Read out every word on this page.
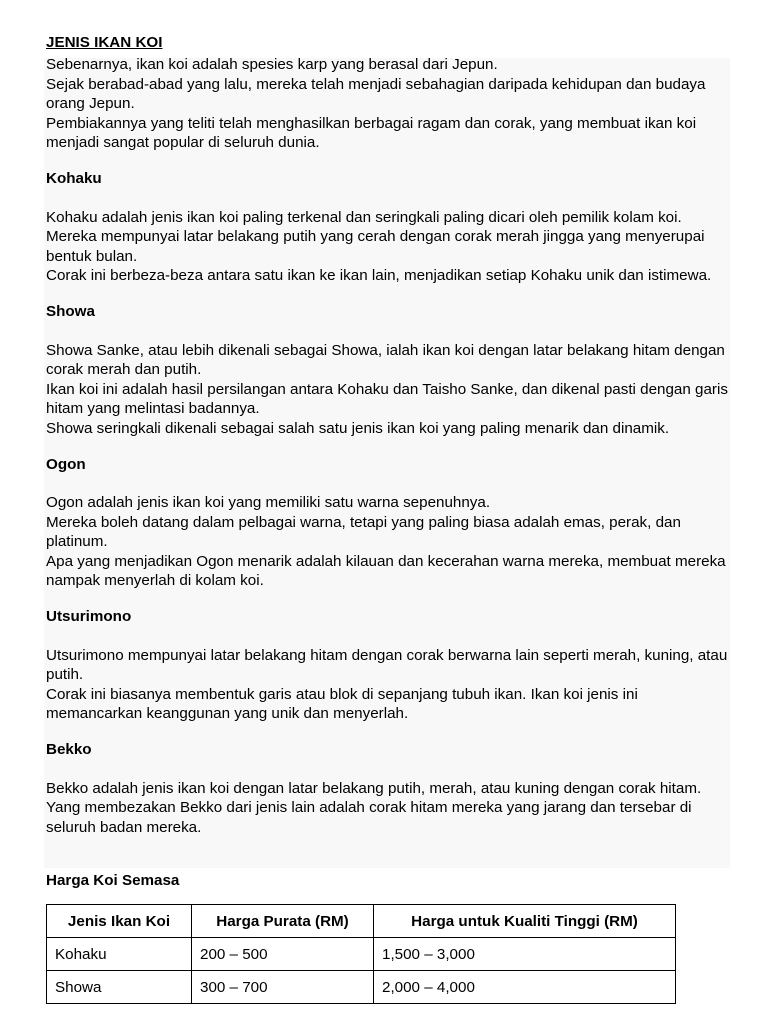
JENIS IKAN KOI

Sebenarnya, ikan koi adalah spesies karp yang berasal dari Jepun.

Sejak berabad-abad yang lalu, mereka telah menjadi sebahagian daripada kehidupan dan budaya orang Jepun.

Pembiakannya yang teliti telah menghasilkan berbagai ragam dan corak, yang membuat ikan koi menjadi sangat popular di seluruh dunia.

Kohaku

Kohaku adalah jenis ikan koi paling terkenal dan seringkali paling dicari oleh pemilik kolam koi.

Mereka mempunyai latar belakang putih yang cerah dengan corak merah jingga yang menyerupai bentuk bulan.

Corak ini berbeza-beza antara satu ikan ke ikan lain, menjadikan setiap Kohaku unik dan istimewa.

Showa

Showa Sanke, atau lebih dikenali sebagai Showa, ialah ikan koi dengan latar belakang hitam dengan corak merah dan putih.

Ikan koi ini adalah hasil persilangan antara Kohaku dan Taisho Sanke, dan dikenal pasti dengan garis hitam yang melintasi badannya.

Showa seringkali dikenali sebagai salah satu jenis ikan koi yang paling menarik dan dinamik.

Ogon

Ogon adalah jenis ikan koi yang memiliki satu warna sepenuhnya.

Mereka boleh datang dalam pelbagai warna, tetapi yang paling biasa adalah emas, perak, dan platinum.

Apa yang menjadikan Ogon menarik adalah kilauan dan kecerahan warna mereka, membuat mereka nampak menyerlah di kolam koi.

Utsurimono

Utsurimono mempunyai latar belakang hitam dengan corak berwarna lain seperti merah, kuning, atau putih.

Corak ini biasanya membentuk garis atau blok di sepanjang tubuh ikan. Ikan koi jenis ini memancarkan keanggunan yang unik dan menyerlah.

Bekko

Bekko adalah jenis ikan koi dengan latar belakang putih, merah, atau kuning dengan corak hitam.

Yang membezakan Bekko dari jenis lain adalah corak hitam mereka yang jarang dan tersebar di seluruh badan mereka.

Harga Koi Semasa
Jenis Ikan Koi	Harga Purata (RM)	Harga untuk Kualiti Tinggi (RM)
Kohaku	200 – 500	1,500 – 3,000
Showa	300 – 700	2,000 – 4,000
